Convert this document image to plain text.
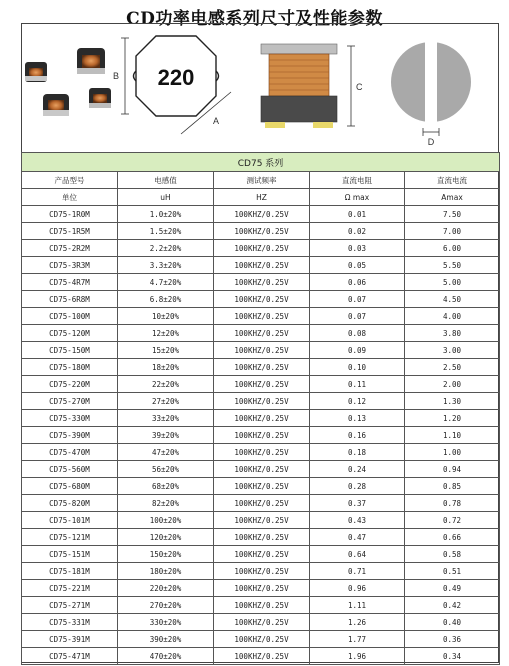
CD功率电感系列尺寸及性能参数
220
B
A
C
D
CD75 系列				
产品型号	电感值	测试频率	直流电阻	直流电流
单位	uH	HZ	Ω max	Amax
CD75-1R0M	1.0±20%	100KHZ/0.25V	0.01	7.50
CD75-1R5M	1.5±20%	100KHZ/0.25V	0.02	7.00
CD75-2R2M	2.2±20%	100KHZ/0.25V	0.03	6.00
CD75-3R3M	3.3±20%	100KHZ/0.25V	0.05	5.50
CD75-4R7M	4.7±20%	100KHZ/0.25V	0.06	5.00
CD75-6R8M	6.8±20%	100KHZ/0.25V	0.07	4.50
CD75-100M	10±20%	100KHZ/0.25V	0.07	4.00
CD75-120M	12±20%	100KHZ/0.25V	0.08	3.80
CD75-150M	15±20%	100KHZ/0.25V	0.09	3.00
CD75-180M	18±20%	100KHZ/0.25V	0.10	2.50
CD75-220M	22±20%	100KHZ/0.25V	0.11	2.00
CD75-270M	27±20%	100KHZ/0.25V	0.12	1.30
CD75-330M	33±20%	100KHZ/0.25V	0.13	1.20
CD75-390M	39±20%	100KHZ/0.25V	0.16	1.10
CD75-470M	47±20%	100KHZ/0.25V	0.18	1.00
CD75-560M	56±20%	100KHZ/0.25V	0.24	0.94
CD75-680M	68±20%	100KHZ/0.25V	0.28	0.85
CD75-820M	82±20%	100KHZ/0.25V	0.37	0.78
CD75-101M	100±20%	100KHZ/0.25V	0.43	0.72
CD75-121M	120±20%	100KHZ/0.25V	0.47	0.66
CD75-151M	150±20%	100KHZ/0.25V	0.64	0.58
CD75-181M	180±20%	100KHZ/0.25V	0.71	0.51
CD75-221M	220±20%	100KHZ/0.25V	0.96	0.49
CD75-271M	270±20%	100KHZ/0.25V	1.11	0.42
CD75-331M	330±20%	100KHZ/0.25V	1.26	0.40
CD75-391M	390±20%	100KHZ/0.25V	1.77	0.36
CD75-471M	470±20%	100KHZ/0.25V	1.96	0.34
